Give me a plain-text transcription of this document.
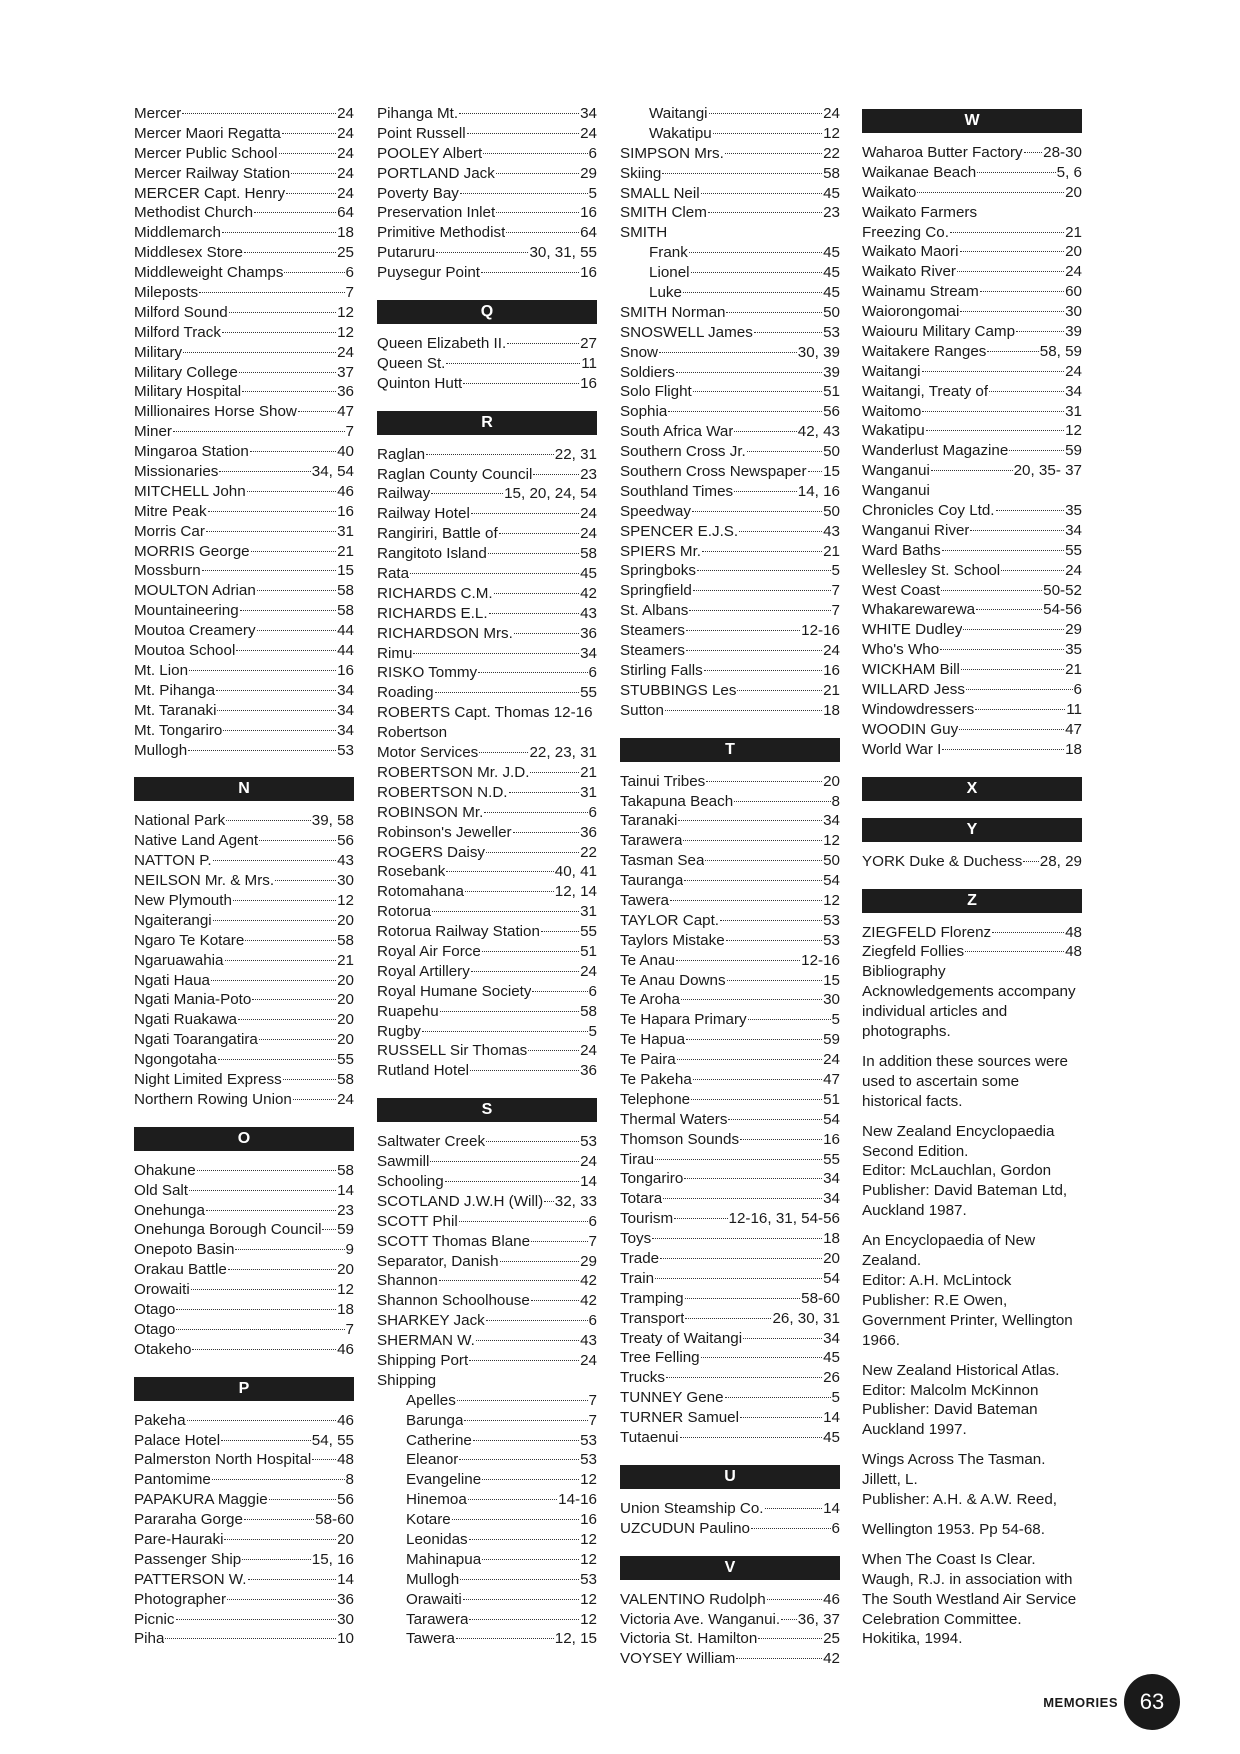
Mercer	24
Mercer Maori Regatta	24
Mercer Public School	24
Mercer Railway Station	24
MERCER Capt. Henry	24
Methodist Church	64
Middlemarch	18
Middlesex Store	25
Middleweight Champs	6
Mileposts	7
Milford Sound	12
Milford Track	12
Military	24
Military College	37
Military Hospital	36
Millionaires Horse Show	47
Miner	7
Mingaroa Station	40
Missionaries	34, 54
MITCHELL John	46
Mitre Peak	16
Morris Car	31
MORRIS George	21
Mossburn	15
MOULTON Adrian	58
Mountaineering	58
Moutoa Creamery	44
Moutoa School	44
Mt. Lion	16
Mt. Pihanga	34
Mt. Taranaki	34
Mt. Tongariro	34
Mullogh	53
N
National Park	39, 58
Native Land Agent	56
NATTON P.	43
NEILSON Mr. & Mrs.	30
New Plymouth	12
Ngaiterangi	20
Ngaro Te Kotare	58
Ngaruawahia	21
Ngati Haua	20
Ngati Mania-Poto	20
Ngati Ruakawa	20
Ngati Toarangatira	20
Ngongotaha	55
Night Limited Express	58
Northern Rowing Union	24
O
Ohakune	58
Old Salt	14
Onehunga	23
Onehunga Borough Council 59
Onepoto Basin	9
Orakau Battle	20
Orowaiti	12
Otago	18
Otago	7
Otakeho	46
P
Pakeha	46
Palace Hotel	54, 55
Palmerston North Hospital 48
Pantomime	8
PAPAKURA Maggie	56
Pararaha Gorge	58-60
Pare-Hauraki	20
Passenger Ship	15, 16
PATTERSON W.	14
Photographer	36
Picnic	30
Piha	10
Pihanga Mt.	34
Point Russell	24
POOLEY Albert	6
PORTLAND Jack	29
Poverty Bay	5
Preservation Inlet	16
Primitive Methodist	64
Putaruru	30, 31, 55
Puysegur Point	16
Q
Queen Elizabeth II.	27
Queen St.	11
Quinton Hutt	16
R
Raglan	22, 31
Raglan County Council	23
Railway	15, 20, 24, 54
Railway Hotel	24
Rangiriri, Battle of	24
Rangitoto Island	58
Rata	45
RICHARDS C.M.	42
RICHARDS E.L.	43
RICHARDSON Mrs.	36
Rimu	34
RISKO Tommy	6
Roading	55
ROBERTS Capt. Thomas 12-16
Robertson
Motor Services	22, 23, 31
ROBERTSON Mr. J.D.	21
ROBERTSON N.D.	31
ROBINSON Mr.	6
Robinson's Jeweller	36
ROGERS Daisy	22
Rosebank	40, 41
Rotomahana	12, 14
Rotorua	31
Rotorua Railway Station	55
Royal Air Force	51
Royal Artillery	24
Royal Humane Society	6
Ruapehu	58
Rugby	5
RUSSELL Sir Thomas	24
Rutland Hotel	36
S
Saltwater Creek	53
Sawmill	24
Schooling	14
SCOTLAND J.W.H (Will) 32, 33
SCOTT Phil	6
SCOTT Thomas Blane	7
Separator, Danish	29
Shannon	42
Shannon Schoolhouse	42
SHARKEY Jack	6
SHERMAN W.	43
Shipping Port	24
Shipping
Apelles	7
Barunga	7
Catherine	53
Eleanor	53
Evangeline	12
Hinemoa	14-16
Kotare	16
Leonidas	12
Mahinapua	12
Mullogh	53
Orawaiti	12
Tarawera	12
Tawera	12, 15
Waitangi	24
Wakatipu	12
SIMPSON Mrs.	22
Skiing	58
SMALL Neil	45
SMITH Clem	23
SMITH
Frank	45
Lionel	45
Luke	45
SMITH Norman	50
SNOSWELL James	53
Snow	30, 39
Soldiers	39
Solo Flight	51
Sophia	56
South Africa War	42, 43
Southern Cross Jr.	50
Southern Cross Newspaper 15
Southland Times	14, 16
Speedway	50
SPENCER E.J.S.	43
SPIERS Mr.	21
Springboks	5
Springfield	7
St. Albans	7
Steamers	12-16
Steamers	24
Stirling Falls	16
STUBBINGS Les	21
Sutton	18
T
Tainui Tribes	20
Takapuna Beach	8
Taranaki	34
Tarawera	12
Tasman Sea	50
Tauranga	54
Tawera	12
TAYLOR Capt.	53
Taylors Mistake	53
Te Anau	12-16
Te Anau Downs	15
Te Aroha	30
Te Hapara Primary	5
Te Hapua	59
Te Paira	24
Te Pakeha	47
Telephone	51
Thermal Waters	54
Thomson Sounds	16
Tirau	55
Tongariro	34
Totara	34
Tourism	12-16, 31, 54-56
Toys	18
Trade	20
Train	54
Tramping	58-60
Transport	26, 30, 31
Treaty of Waitangi	34
Tree Felling	45
Trucks	26
TUNNEY Gene	5
TURNER Samuel	14
Tutaenui	45
U
Union Steamship Co.	14
UZCUDUN Paulino	6
V
VALENTINO Rudolph	46
Victoria Ave. Wanganui. 36, 37
Victoria St. Hamilton	25
VOYSEY William	42
W
Waharoa Butter Factory 28-30
Waikanae Beach	5, 6
Waikato	20
Waikato Farmers
Freezing Co.	21
Waikato Maori	20
Waikato River	24
Wainamu Stream	60
Waiorongomai	30
Waiouru Military Camp	39
Waitakere Ranges	58, 59
Waitangi	24
Waitangi, Treaty of	34
Waitomo	31
Wakatipu	12
Wanderlust Magazine	59
Wanganui	20, 35- 37
Wanganui
Chronicles Coy Ltd.	35
Wanganui River	34
Ward Baths	55
Wellesley St. School	24
West Coast	50-52
Whakarewarewa	54-56
WHITE Dudley	29
Who's Who	35
WICKHAM Bill	21
WILLARD Jess	6
Windowdressers	11
WOODIN Guy	47
World War I	18
X
Y
YORK Duke & Duchess 28, 29
Z
ZIEGFELD Florenz	48
Ziegfeld Follies	48
Bibliography

Acknowledgements accompany individual articles and photographs.

In addition these sources were used to ascertain some historical facts.

New Zealand Encyclopaedia
Second Edition.
Editor: McLauchlan, Gordon
Publisher: David Bateman Ltd, Auckland 1987.

An Encyclopaedia of New Zealand.
Editor: A.H. McLintock
Publisher: R.E Owen, Government Printer, Wellington 1966.

New Zealand Historical Atlas.
Editor: Malcolm McKinnon
Publisher: David Bateman Auckland 1997.

Wings Across The Tasman.
Jillett, L.
Publisher: A.H. & A.W. Reed,

Wellington 1953. Pp 54-68.

When The Coast Is Clear.
Waugh, R.J. in association with The South Westland Air Service Celebration Committee.
Hokitika, 1994.

MEMORIES 63
